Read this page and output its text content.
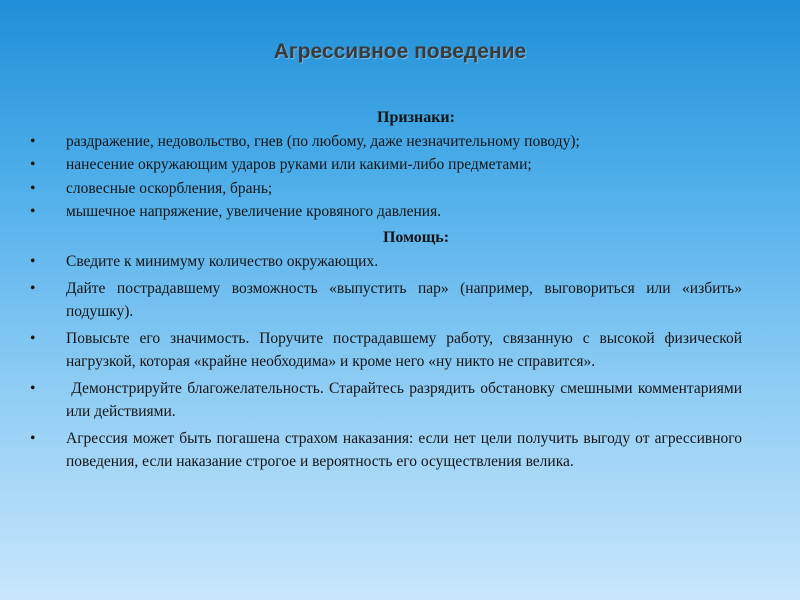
Агрессивное поведение

Признаки:

•	раздражение, недовольство, гнев (по любому, даже незначительному поводу);
•	нанесение окружающим ударов руками или какими-либо предметами;
•	словесные оскорбления, брань;
•	мышечное напряжение, увеличение кровяного давления.

Помощь:

•	Сведите к минимуму количество окружающих.
•	Дайте пострадавшему возможность «выпустить пар» (например, выговориться или «избить» подушку).
•	Повысьте его значимость. Поручите пострадавшему работу, связанную с высокой физической нагрузкой, которая «крайне необходима» и кроме него «ну никто не справится».
•	Демонстрируйте благожелательность. Старайтесь разрядить обстановку смешными комментариями или действиями.
•	Агрессия может быть погашена страхом наказания: если нет цели получить выгоду от агрессивного поведения, если наказание строгое и вероятность его осуществления велика.
